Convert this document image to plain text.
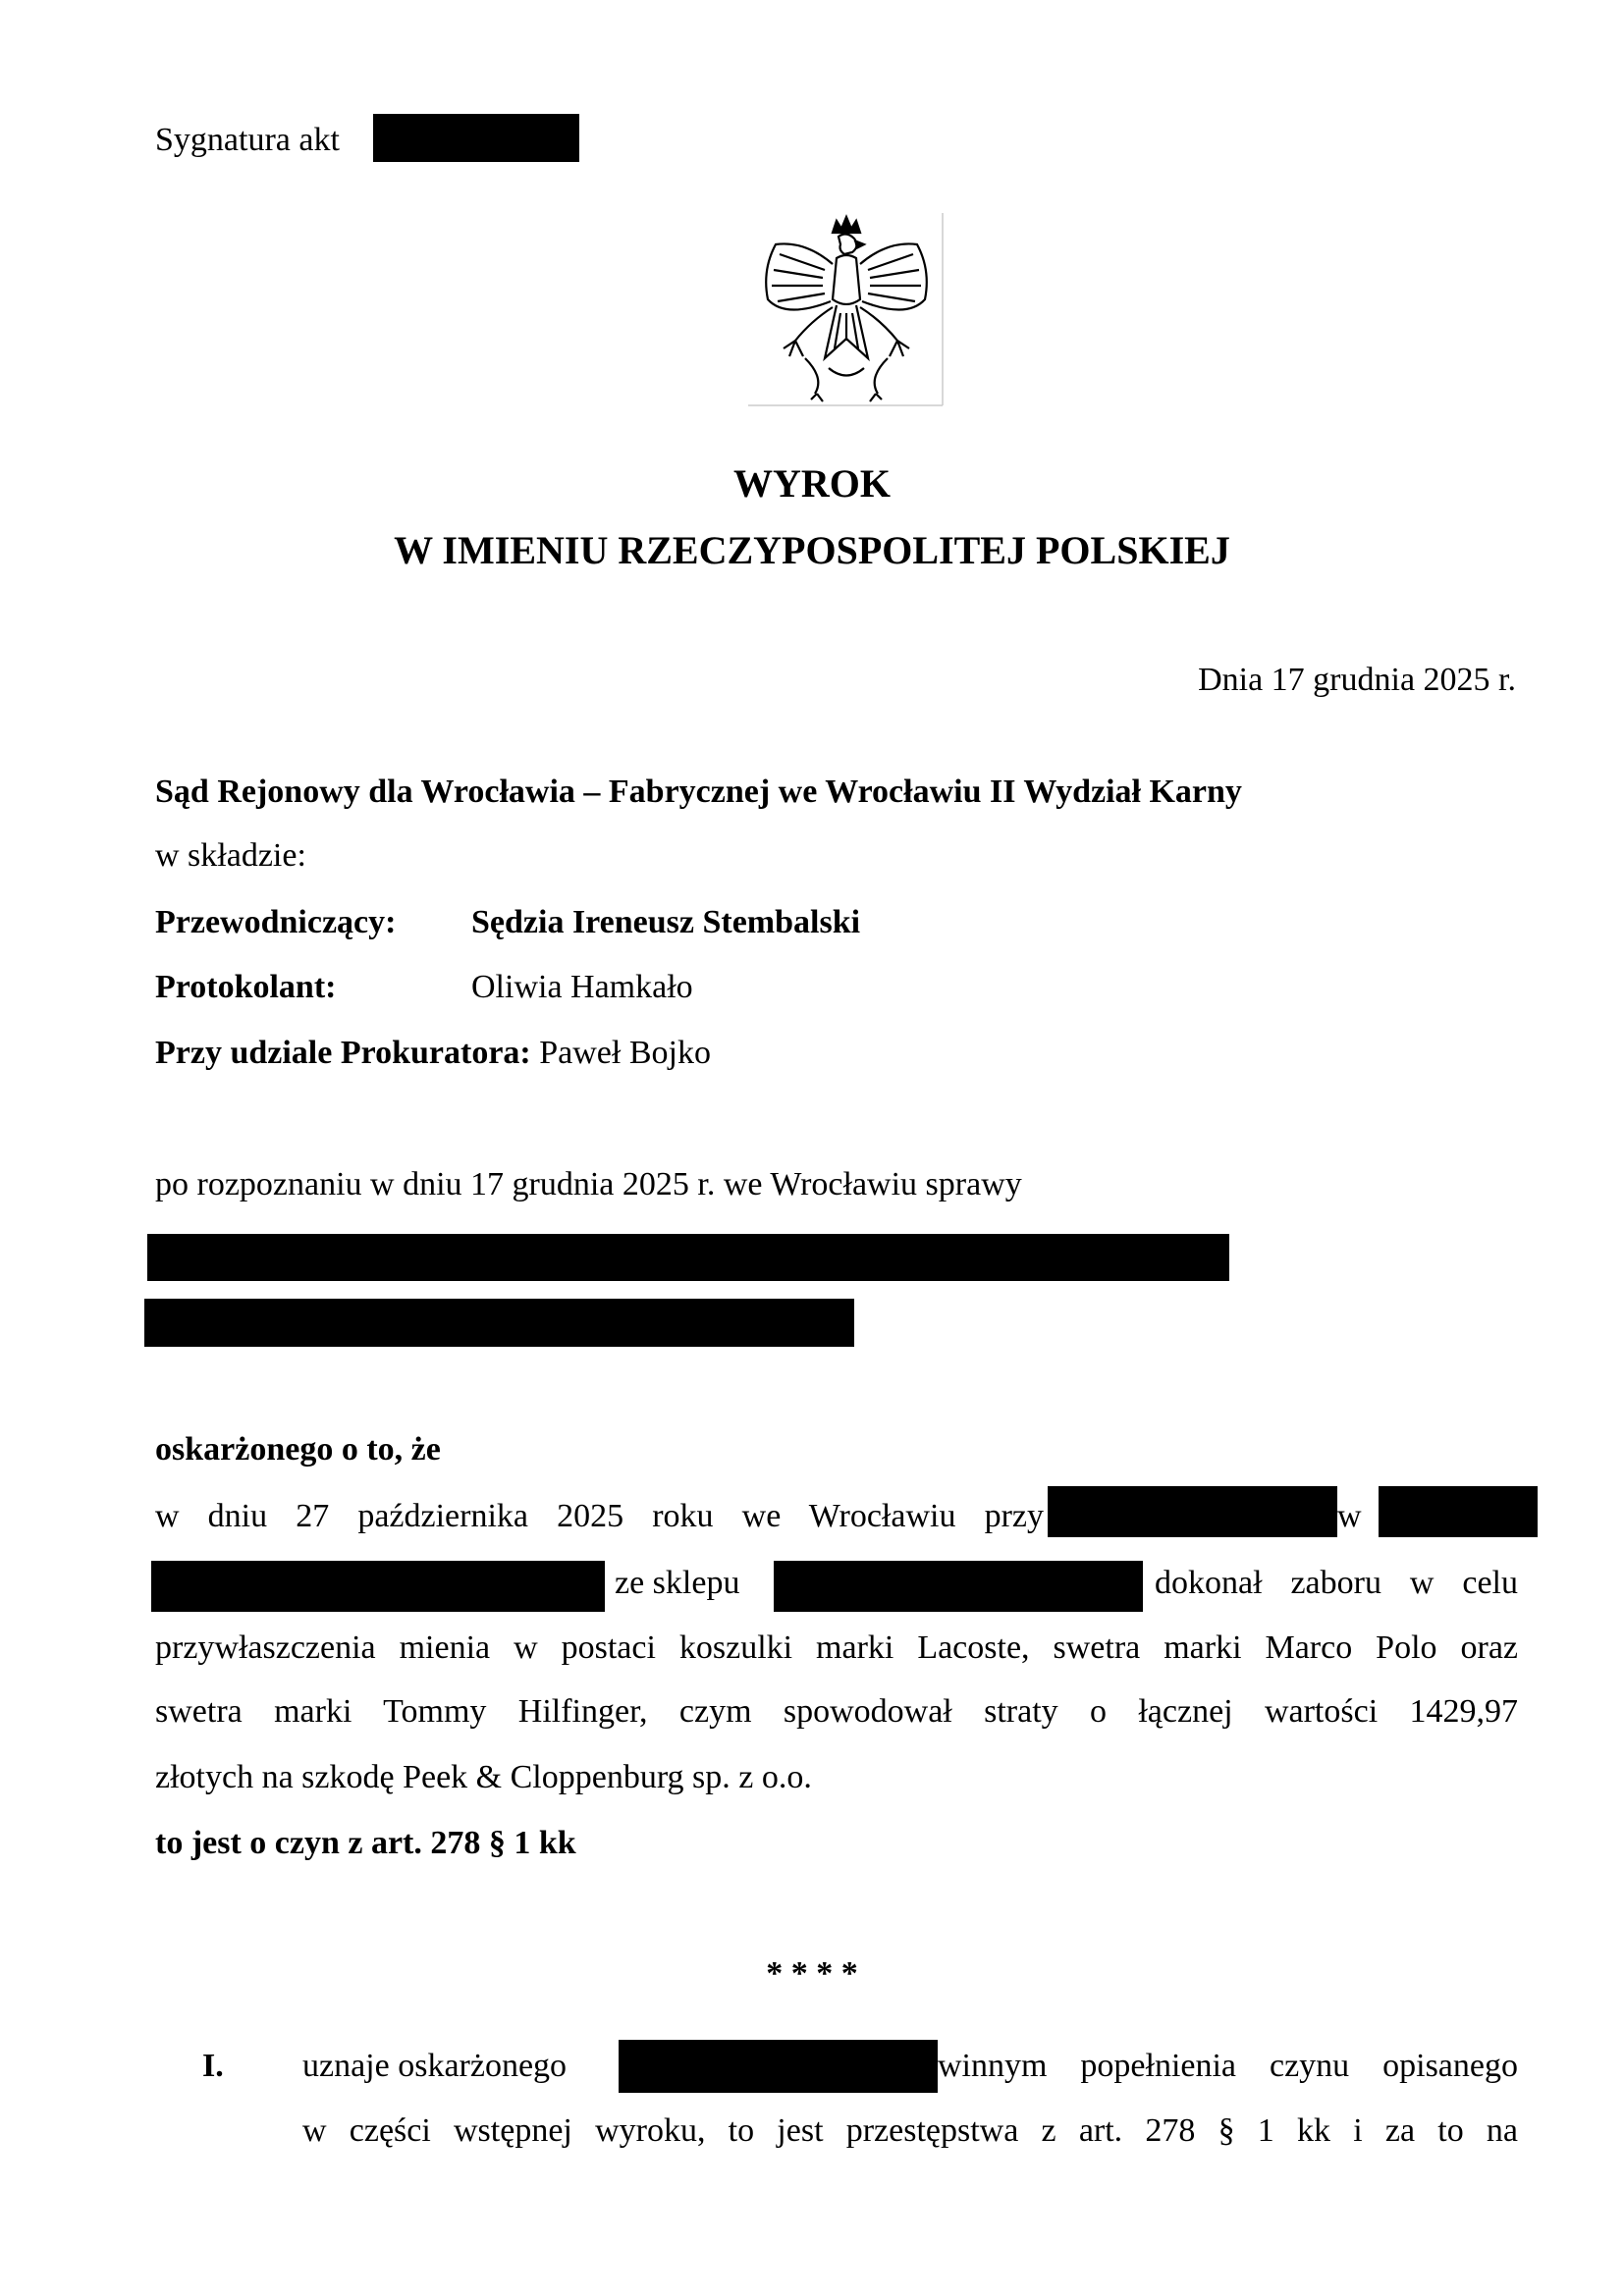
Sygnatura akt
WYROK
W IMIENIU RZECZYPOSPOLITEJ POLSKIEJ
Dnia 17 grudnia 2025 r.
Sąd Rejonowy dla Wrocławia – Fabrycznej we Wrocławiu II Wydział Karny
w składzie:
Przewodniczący: Sędzia Ireneusz Stembalski
Protokolant:	Oliwia Hamkało
Przy udziale Prokuratora: Paweł Bojko
po rozpoznaniu w dniu 17 grudnia 2025 r. we Wrocławiu sprawy
oskarżonego o to, że
w dniu 27 października 2025 roku we Wrocławiu przy	w
ze sklepu	dokonał zaboru w celu
przywłaszczenia mienia w postaci koszulki marki Lacoste, swetra marki Marco Polo oraz
swetra marki Tommy Hilfinger, czym spowodował straty o łącznej wartości 1429,97
złotych na szkodę Peek & Cloppenburg sp. z o.o.
to jest o czyn z art. 278 § 1 kk
* * * *
I. uznaje oskarżonego	winnym popełnienia czynu opisanego
w części wstępnej wyroku, to jest przestępstwa z art. 278 § 1 kk i za to na
